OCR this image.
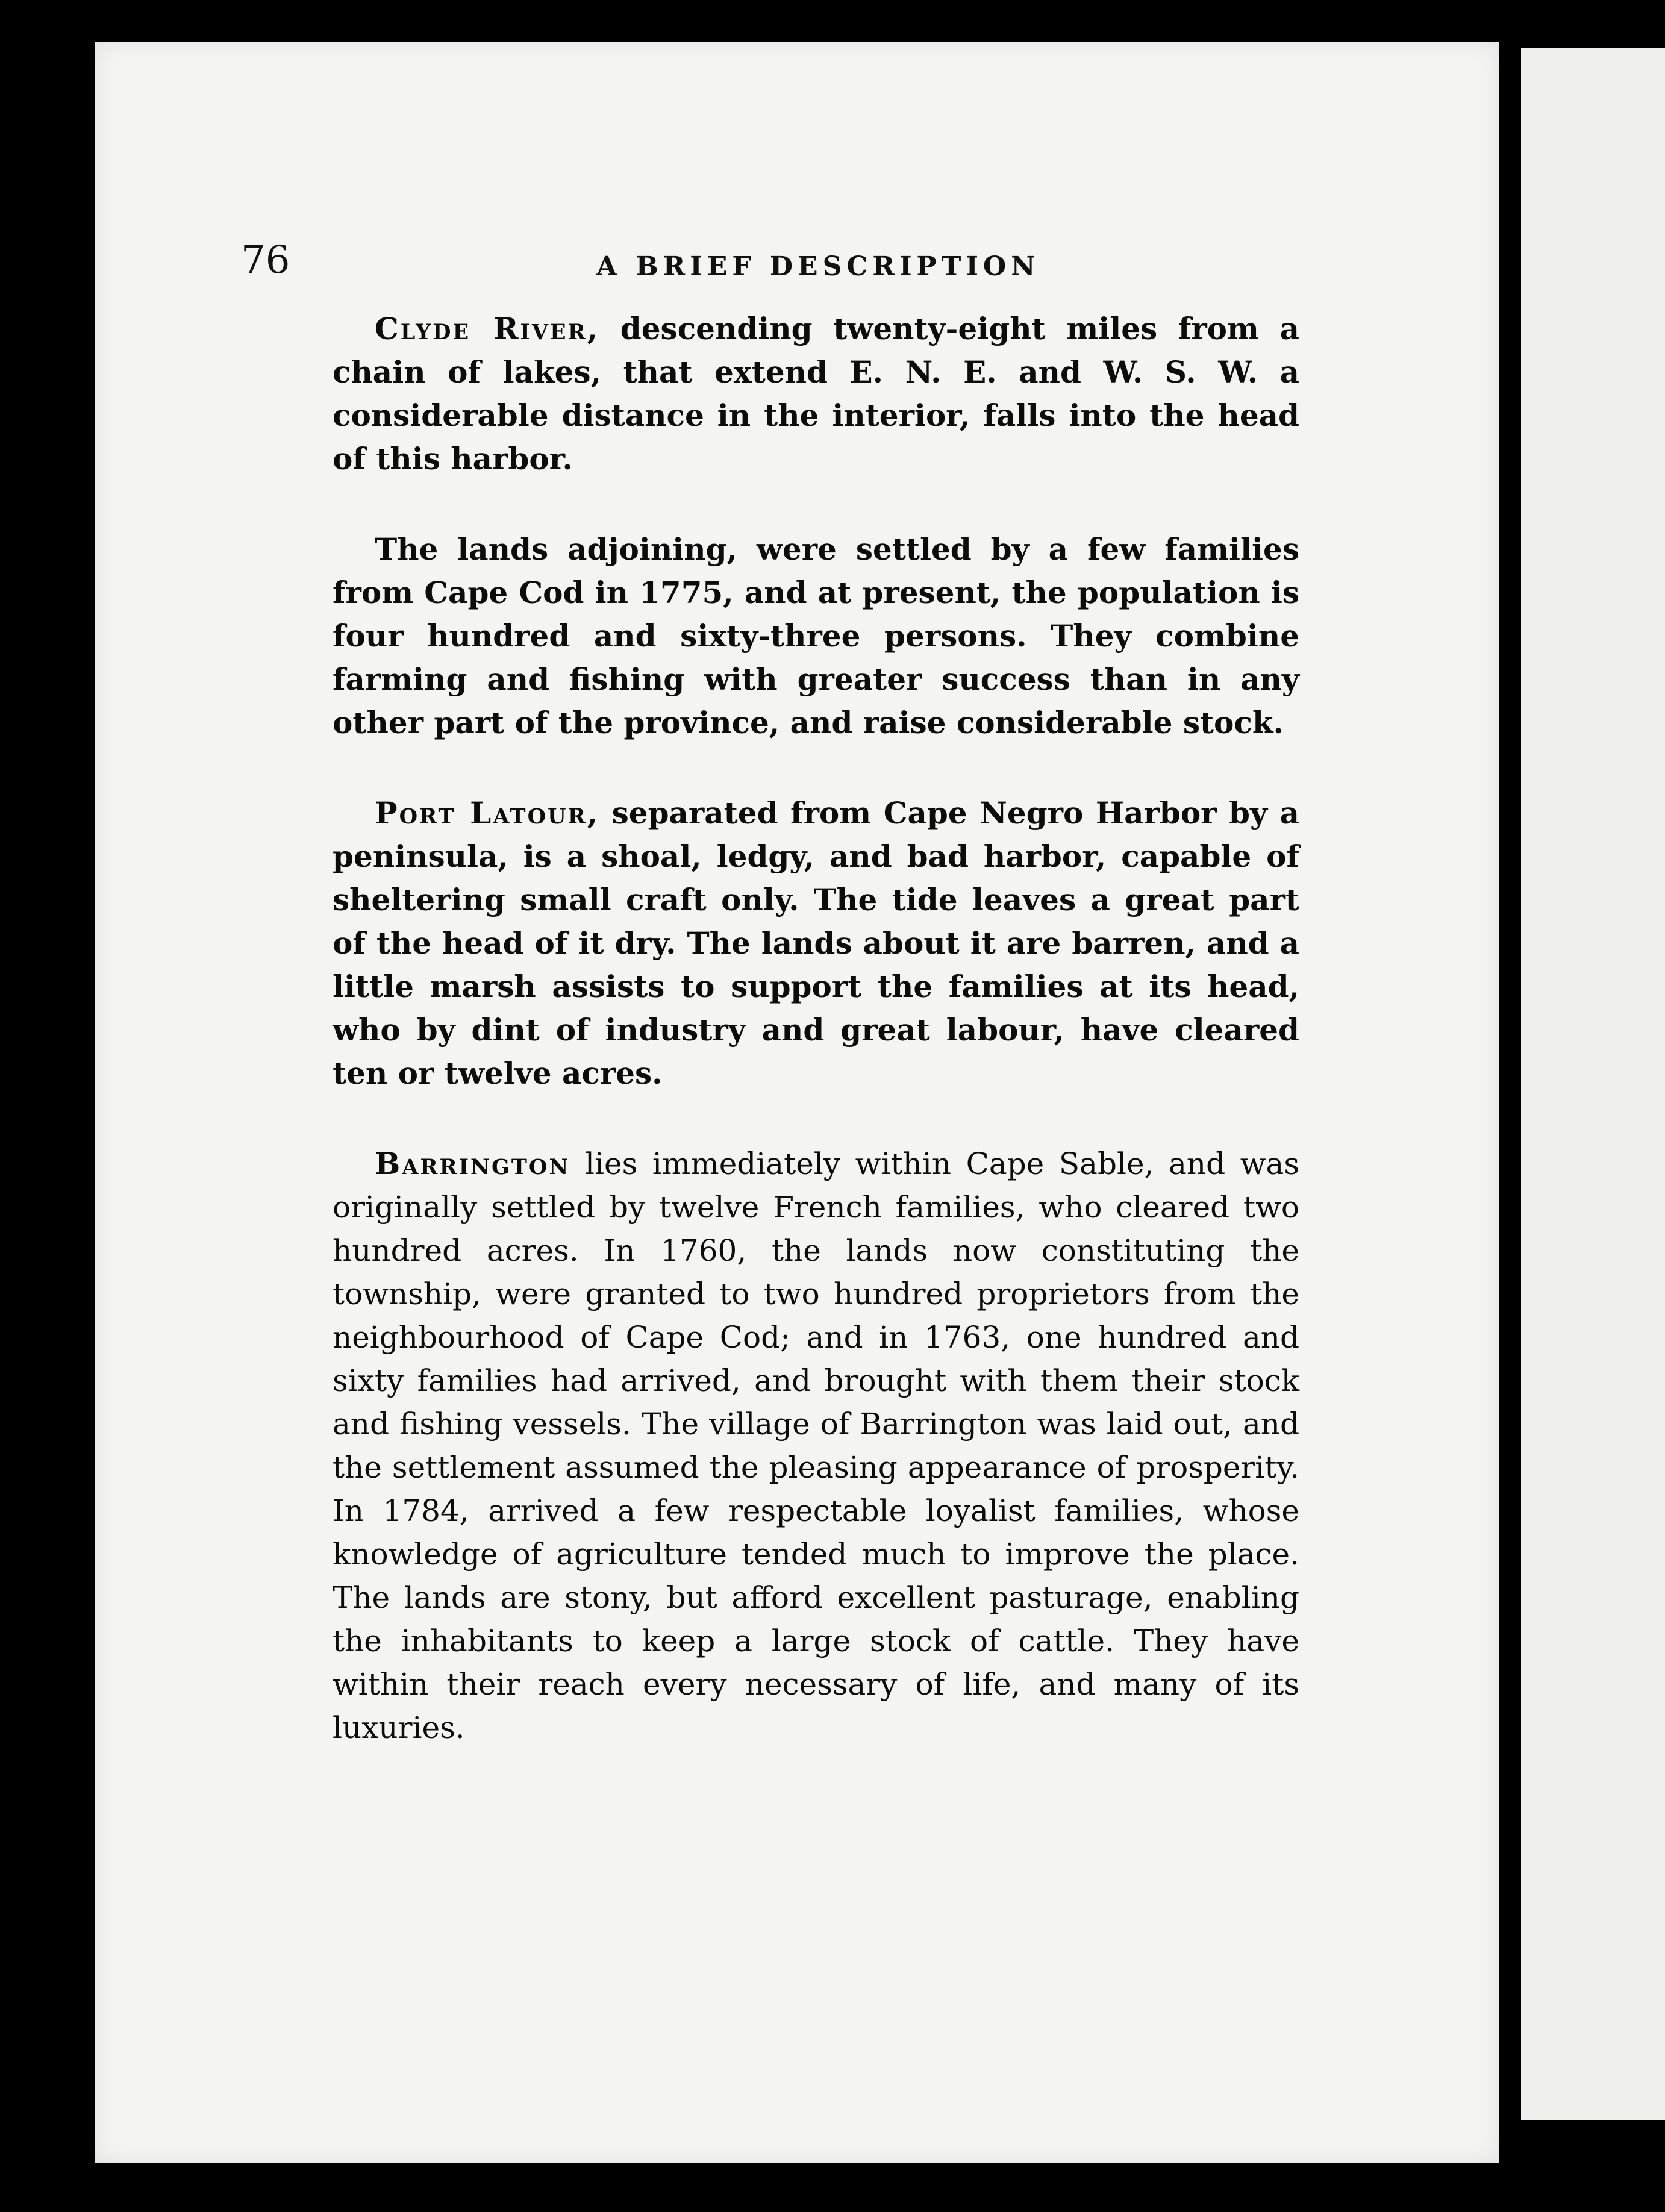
76	A BRIEF DESCRIPTION

Clyde River, descending twenty-eight miles from a chain of lakes, that extend E. N. E. and W. S. W. a considerable distance in the interior, falls into the head of this harbor.

The lands adjoining, were settled by a few families from Cape Cod in 1775, and at present, the population is four hundred and sixty-three persons. They combine farming and fishing with greater success than in any other part of the province, and raise considerable stock.

Port Latour, separated from Cape Negro Harbor by a peninsula, is a shoal, ledgy, and bad harbor, capable of sheltering small craft only. The tide leaves a great part of the head of it dry. The lands about it are barren, and a little marsh assists to support the families at its head, who by dint of industry and great labour, have cleared ten or twelve acres.

Barrington lies immediately within Cape Sable, and was originally settled by twelve French families, who cleared two hundred acres. In 1760, the lands now constituting the township, were granted to two hundred proprietors from the neighbourhood of Cape Cod; and in 1763, one hundred and sixty families had arrived, and brought with them their stock and fishing vessels. The village of Barrington was laid out, and the settlement assumed the pleasing appearance of prosperity. In 1784, arrived a few respectable loyalist families, whose knowledge of agriculture tended much to improve the place. The lands are stony, but afford excellent pasturage, enabling the inhabitants to keep a large stock of cattle. They have within their reach every necessary of life, and many of its luxuries.
